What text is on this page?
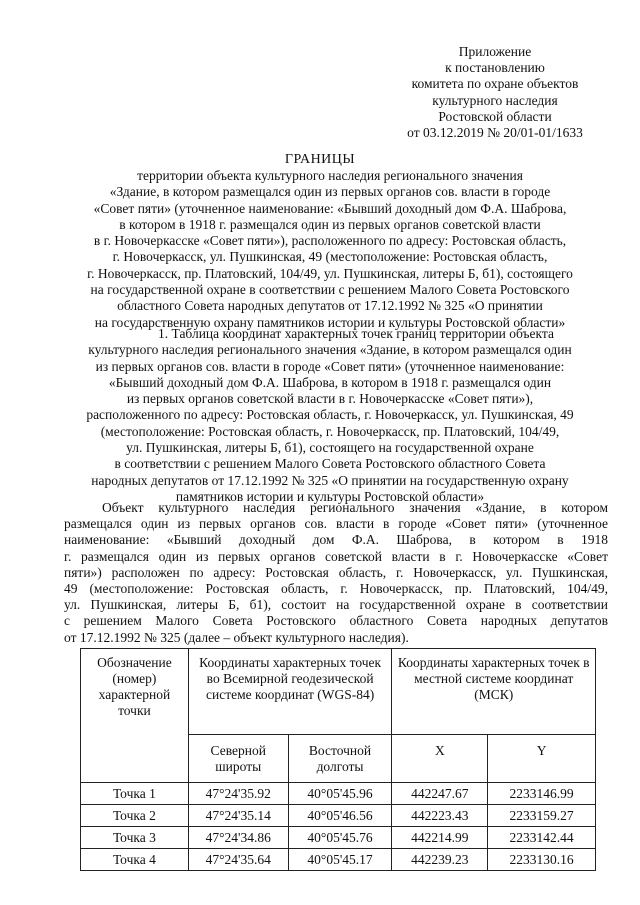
Приложение
к постановлению
комитета по охране объектов
культурного наследия
Ростовской области
от 03.12.2019 № 20/01-01/1633
ГРАНИЦЫ
территории объекта культурного наследия регионального значения
«Здание, в котором размещался один из первых органов сов. власти в городе
«Совет пяти» (уточненное наименование: «Бывший доходный дом Ф.А. Шаброва,
в котором в 1918 г. размещался один из первых органов советской власти
в г. Новочеркасске «Совет пяти»), расположенного по адресу: Ростовская область,
г. Новочеркасск, ул. Пушкинская, 49 (местоположение: Ростовская область,
г. Новочеркасск, пр. Платовский, 104/49, ул. Пушкинская, литеры Б, б1), состоящего
на государственной охране в соответствии с решением Малого Совета Ростовского
областного Совета народных депутатов от 17.12.1992 № 325 «О принятии
на государственную охрану памятников истории и культуры Ростовской области»
1. Таблица координат характерных точек границ территории объекта
культурного наследия регионального значения «Здание, в котором размещался один
из первых органов сов. власти в городе «Совет пяти» (уточненное наименование:
«Бывший доходный дом Ф.А. Шаброва, в котором в 1918 г. размещался один
из первых органов советской власти в г. Новочеркасске «Совет пяти»),
расположенного по адресу: Ростовская область, г. Новочеркасск, ул. Пушкинская, 49
(местоположение: Ростовская область, г. Новочеркасск, пр. Платовский, 104/49,
ул. Пушкинская, литеры Б, б1), состоящего на государственной охране
в соответствии с решением Малого Совета Ростовского областного Совета
народных депутатов от 17.12.1992 № 325 «О принятии на государственную охрану
памятников истории и культуры Ростовской области»
Объект культурного наследия регионального значения «Здание, в котором
размещался один из первых органов сов. власти в городе «Совет пяти» (уточненное
наименование: «Бывший доходный дом Ф.А. Шаброва, в котором в 1918
г. размещался один из первых органов советской власти в г. Новочеркасске «Совет
пяти») расположен по адресу: Ростовская область, г. Новочеркасск, ул. Пушкинская,
49 (местоположение: Ростовская область, г. Новочеркасск, пр. Платовский, 104/49,
ул. Пушкинская, литеры Б, б1), состоит на государственной охране в соответствии
с решением Малого Совета Ростовского областного Совета народных депутатов
от 17.12.1992 № 325 (далее – объект культурного наследия).
Обозначение (номер) характерной точки	Координаты характерных точек во Всемирной геодезической системе координат (WGS-84)		Координаты характерных точек в местной системе координат (МСК)	
	Северной широты	Восточной долготы	X	Y
Точка 1	47°24'35.92	40°05'45.96	442247.67	2233146.99
Точка 2	47°24'35.14	40°05'46.56	442223.43	2233159.27
Точка 3	47°24'34.86	40°05'45.76	442214.99	2233142.44
Точка 4	47°24'35.64	40°05'45.17	442239.23	2233130.16
